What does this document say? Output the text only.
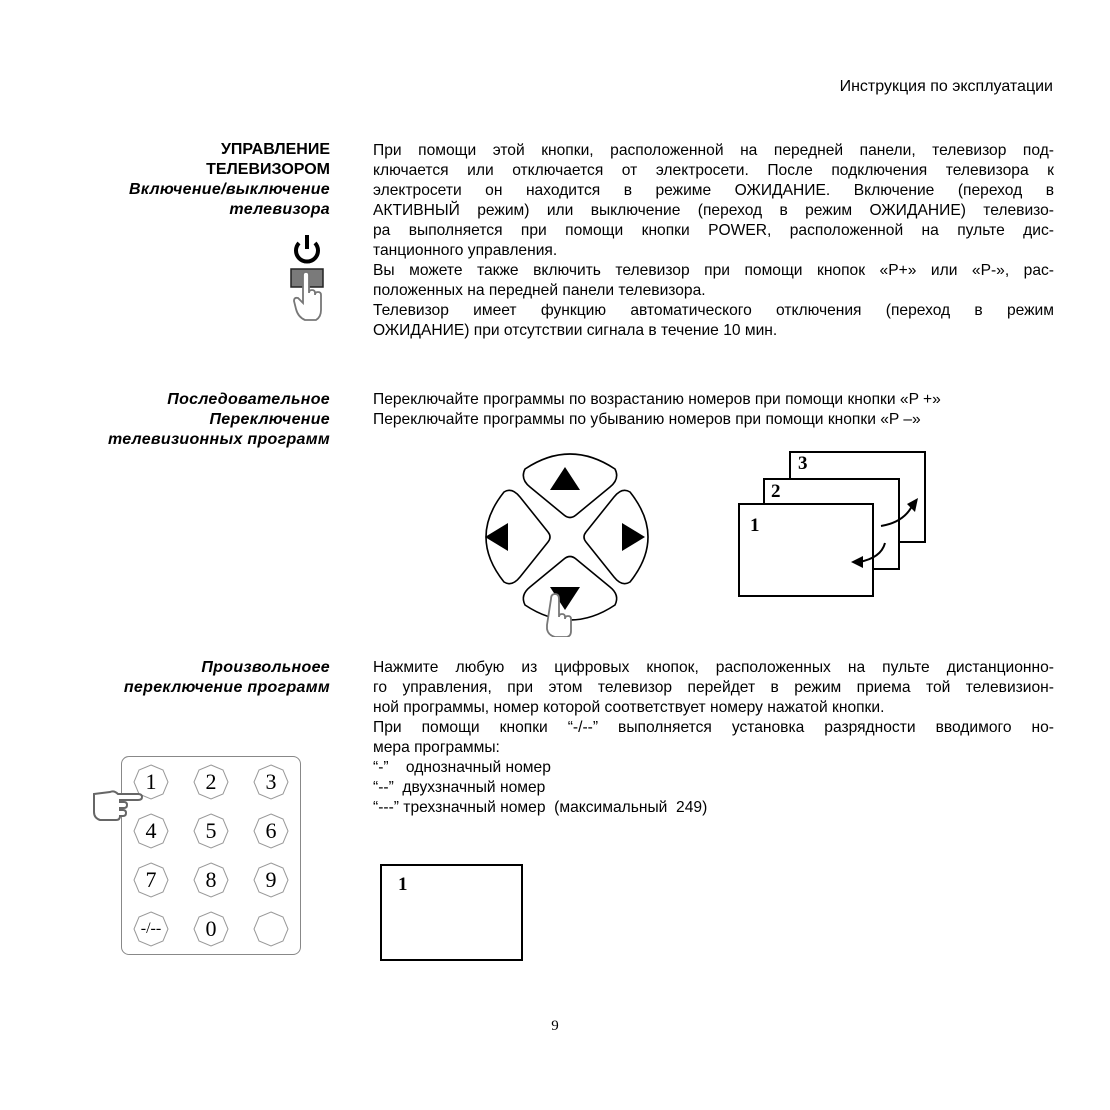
Инструкция по эксплуатации
УПРАВЛЕНИЕ
ТЕЛЕВИЗОРОМ
Включение/выключение
телевизора
При помощи этой кнопки, расположенной на передней панели, телевизор под-
ключается или отключается от электросети. После подключения телевизора к
электросети он находится в режиме ОЖИДАНИЕ. Включение (переход в
АКТИВНЫЙ режим) или выключение (переход в режим ОЖИДАНИЕ) телевизо-
ра выполняется при помощи кнопки POWER, расположенной на пульте дис-
танционного управления.
Вы можете также включить телевизор при помощи кнопок «P+» или «P-», рас-
положенных на передней панели телевизора.
Телевизор имеет функцию автоматического отключения (переход в режим
ОЖИДАНИЕ) при отсутствии сигнала в течение 10 мин.
Последовательное
Переключение
телевизионных программ
Переключайте программы по возрастанию номеров при помощи кнопки «P +»
Переключайте программы по убыванию номеров при помощи кнопки «P –»
3
2
1
Произвольноее
переключение программ
Нажмите любую из цифровых кнопок, расположенных на пульте дистанционно-
го управления, при этом телевизор перейдет в режим приема той телевизион-
ной программы, номер которой соответствует номеру нажатой кнопки.
При помощи кнопки “-/--” выполняется установка разрядности вводимого но-
мера программы:
“-”    однозначный номер
“--”  двухзначный номер
“---” трехзначный номер  (максимальный  249)
1 2 3
4 5 6
7 8 9
-/-- 0
1
9
